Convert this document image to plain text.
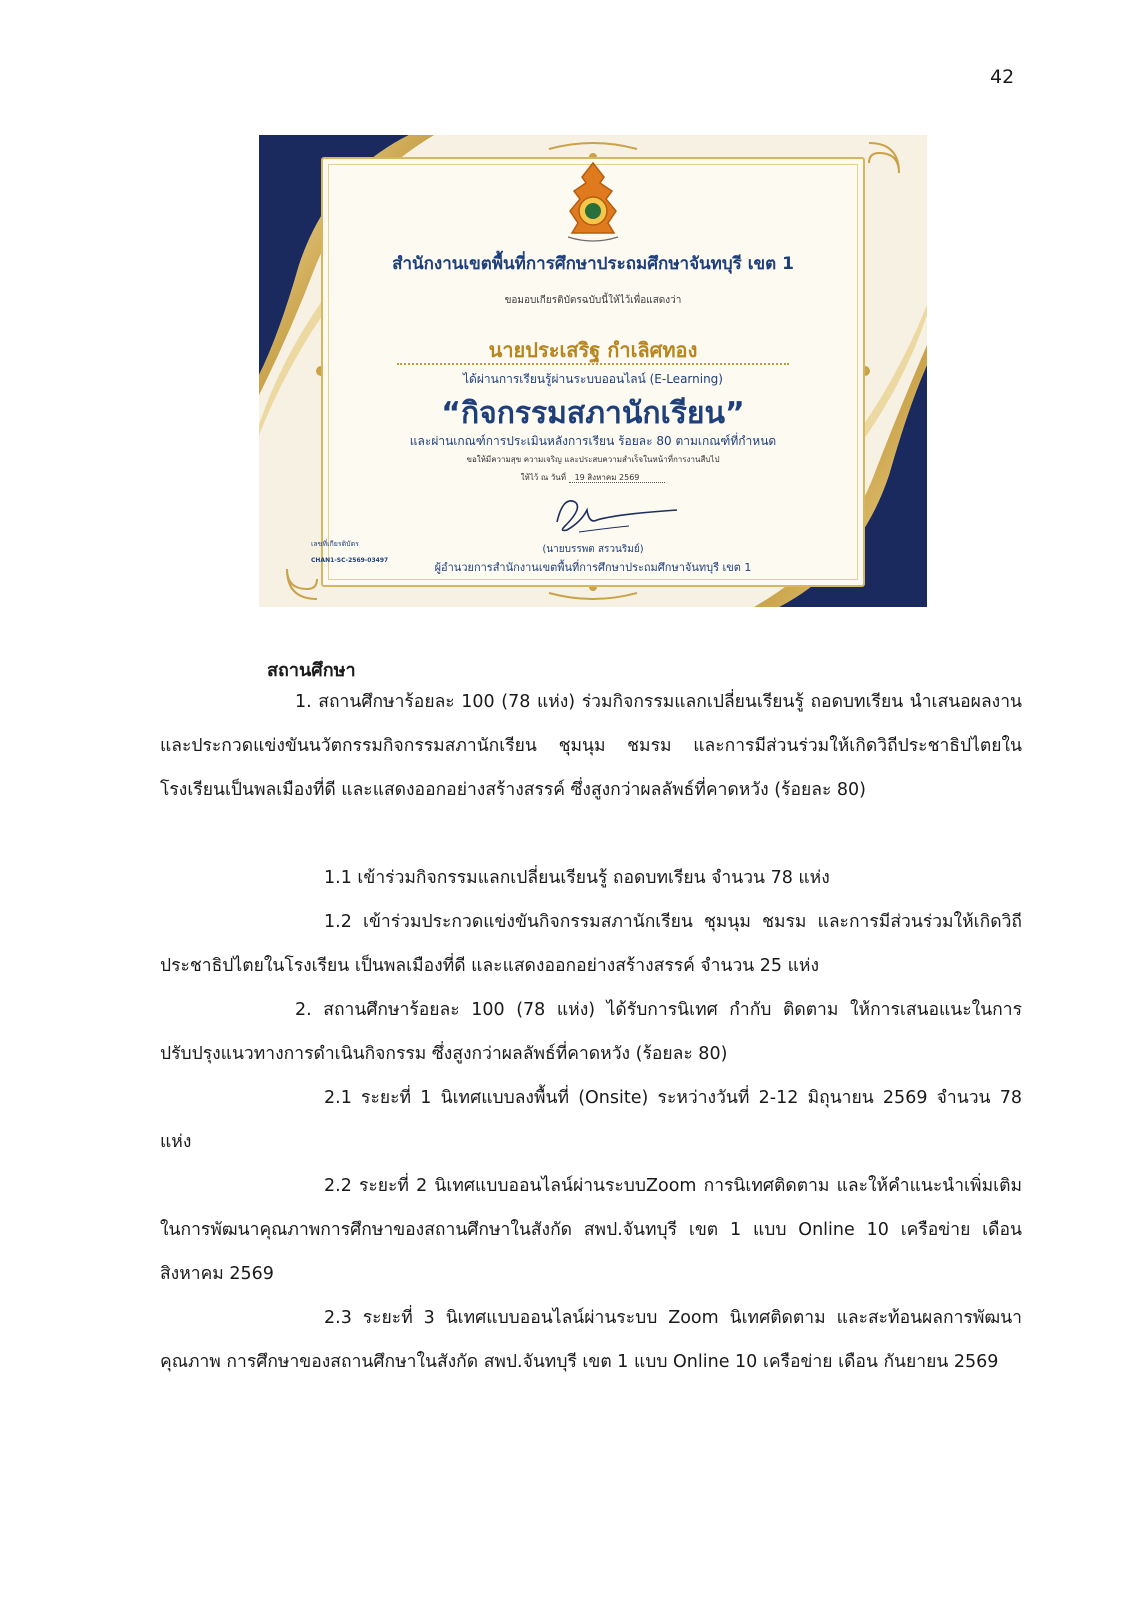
42
สำนักงานเขตพื้นที่การศึกษาประถมศึกษาจันทบุรี เขต 1
ขอมอบเกียรติบัตรฉบับนี้ให้ไว้เพื่อแสดงว่า
นายประเสริฐ กำเลิศทอง
ได้ผ่านการเรียนรู้ผ่านระบบออนไลน์ (E-Learning)
“กิจกรรมสภานักเรียน”
และผ่านเกณฑ์การประเมินหลังการเรียน ร้อยละ 80 ตามเกณฑ์ที่กำหนด
ขอให้มีความสุข ความเจริญ และประสบความสำเร็จในหน้าที่การงานสืบไป
ให้ไว้ ณ วันที่ 19 สิงหาคม 2569
(นายบรรพต สรวนริมย์)
ผู้อำนวยการสำนักงานเขตพื้นที่การศึกษาประถมศึกษาจันทบุรี เขต 1
เลขที่เกียรติบัตร
CHAN1-SC-2569-03497
สถานศึกษา

1. สถานศึกษาร้อยละ 100 (78 แห่ง) ร่วมกิจกรรมแลกเปลี่ยนเรียนรู้ ถอดบทเรียน นำเสนอผลงาน และประกวดแข่งขันนวัตกรรมกิจกรรมสภานักเรียน ชุมนุม ชมรม และการมีส่วนร่วมให้เกิดวิถีประชาธิปไตยในโรงเรียนเป็นพลเมืองที่ดี และแสดงออกอย่างสร้างสรรค์ ซึ่งสูงกว่าผลลัพธ์ที่คาดหวัง (ร้อยละ 80)

1.1 เข้าร่วมกิจกรรมแลกเปลี่ยนเรียนรู้ ถอดบทเรียน จำนวน 78 แห่ง

1.2 เข้าร่วมประกวดแข่งขันกิจกรรมสภานักเรียน ชุมนุม ชมรม และการมีส่วนร่วมให้เกิดวิถีประชาธิปไตยในโรงเรียน เป็นพลเมืองที่ดี และแสดงออกอย่างสร้างสรรค์ จำนวน 25 แห่ง

2. สถานศึกษาร้อยละ 100 (78 แห่ง) ได้รับการนิเทศ กำกับ ติดตาม ให้การเสนอแนะในการปรับปรุงแนวทางการดำเนินกิจกรรม ซึ่งสูงกว่าผลลัพธ์ที่คาดหวัง (ร้อยละ 80)

2.1 ระยะที่ 1 นิเทศแบบลงพื้นที่ (Onsite) ระหว่างวันที่ 2-12 มิถุนายน 2569 จำนวน 78 แห่ง

2.2 ระยะที่ 2 นิเทศแบบออนไลน์ผ่านระบบZoom การนิเทศติดตาม และให้คำแนะนำเพิ่มเติมในการพัฒนาคุณภาพการศึกษาของสถานศึกษาในสังกัด สพป.จันทบุรี เขต 1 แบบ Online 10 เครือข่าย เดือน สิงหาคม 2569

2.3 ระยะที่ 3 นิเทศแบบออนไลน์ผ่านระบบ Zoom นิเทศติดตาม และสะท้อนผลการพัฒนาคุณภาพ การศึกษาของสถานศึกษาในสังกัด สพป.จันทบุรี เขต 1 แบบ Online 10 เครือข่าย เดือน กันยายน 2569
